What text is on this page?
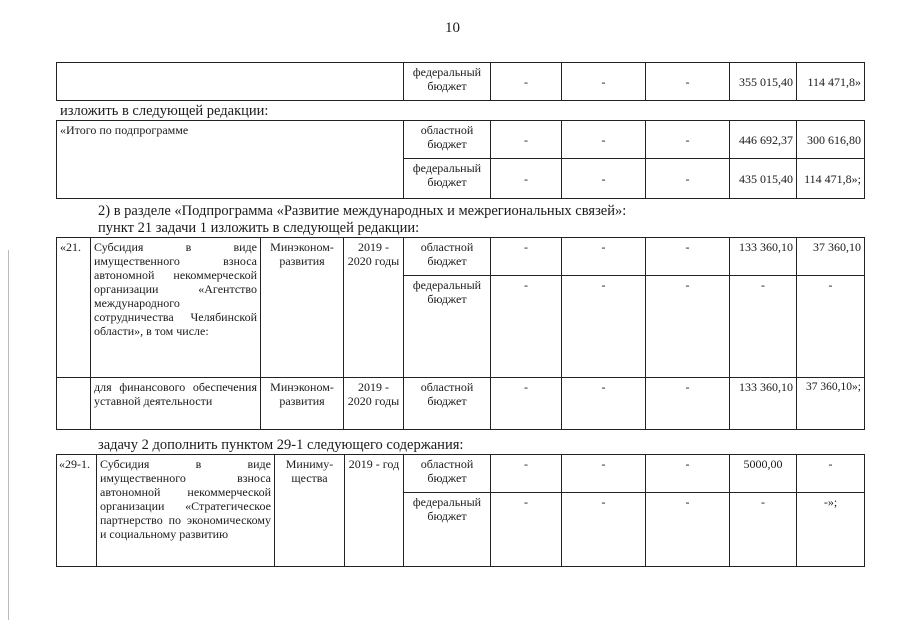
10
	федеральный бюджет	-	-	-	355 015,40	114 471,8»
изложить в следующей редакции:
«Итого по подпрограмме	областной бюджет	-	-	-	446 692,37	300 616,80
	федеральный бюджет	-	-	-	435 015,40	114 471,8»;
2) в разделе «Подпрограмма «Развитие международных и межрегиональных связей»:
пункт 21 задачи 1 изложить в следующей редакции:
«21.	Субсидия в виде имущественного взноса автономной некоммерческой организации «Агентство международного сотрудничества Челябинской области», в том числе:	Минэконом-развития	2019 - 2020 годы	областной бюджет	-	-	-	133 360,10	37 360,10
				федеральный бюджет	-	-	-	-	-
	для финансового обеспечения уставной деятельности	Минэконом-развития	2019 - 2020 годы	областной бюджет	-	-	-	133 360,10	37 360,10»;
задачу 2 дополнить пунктом 29-1 следующего содержания:
«29-1.	Субсидия в виде имущественного взноса автономной некоммерческой организации «Стратегическое партнерство по экономическому и социальному развитию	Миниму-щества	2019 - год	областной бюджет	-	-	-	5000,00	-
				федеральный бюджет	-	-	-	-	-»;
